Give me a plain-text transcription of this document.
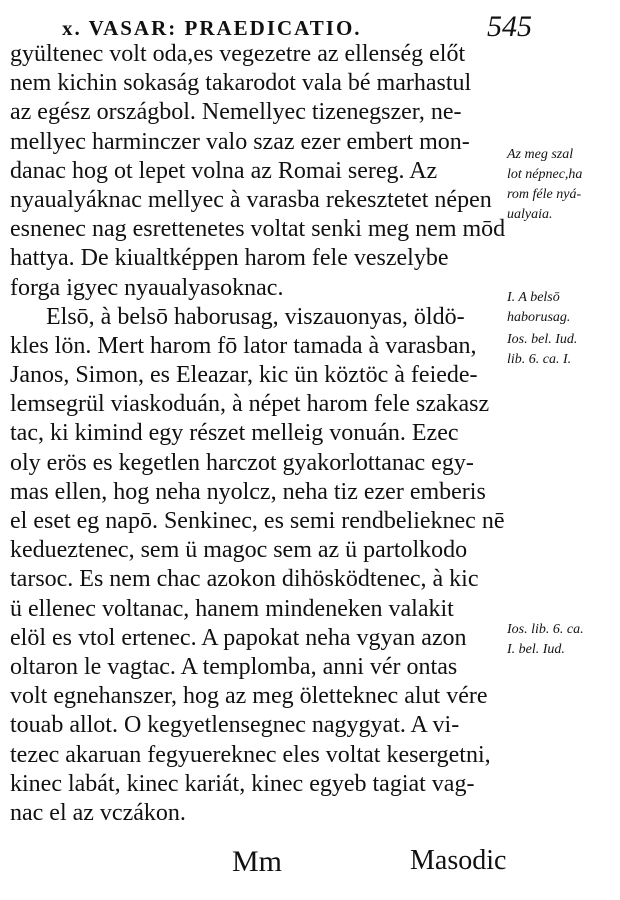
x. VASAR: PRAEDICATIO.	545
gyültenec volt oda,es vegezetre az ellenség előt
nem kichin sokaság takarodot vala bé marhastul
az egész országbol. Nemellyec tizenegszer, ne-
mellyec harminczer valo szaz ezer embert mon-
danac hog ot lepet volna az Romai sereg. Az
nyaualyáknac mellyec à varasba rekesztetet népen
esnenec nag esrettenetes voltat senki meg nem mōd
hattya. De kiualtképpen harom fele veszelybe
forga igyec nyaualyasoknac.
Elsō, à belsō haborusag, viszauonyas, öldö-
kles lön. Mert harom fō lator tamada à varasban,
Janos, Simon, es Eleazar, kic ün köztöc à feiede-
lemsegrül viaskoduán, à népet harom fele szakasz
tac, ki kimind egy részet melleig vonuán. Ezec
oly erös es kegetlen harczot gyakorlottanac egy-
mas ellen, hog neha nyolcz, neha tiz ezer emberis
el eset eg napō. Senkinec, es semi rendbelieknec nē
kedueztenec, sem ü magoc sem az ü partolkodo
tarsoc. Es nem chac azokon dihösködtenec, à kic
ü ellenec voltanac, hanem mindeneken valakit
elöl es vtol ertenec. A papokat neha vgyan azon
oltaron le vagtac. A templomba, anni vér ontas
volt egnehanszer, hog az meg öletteknec alut vére
touab allot. O kegyetlensegnec nagygyat. A vi-
tezec akaruan fegyuereknec eles voltat kesergetni,
kinec labát, kinec kariát, kinec egyeb tagiat vag-
nac el az vczákon.
Az meg szal
lot népnec,ha
rom féle nyá-
ualyaia.
I. A belsō
haborusag.
Ios. bel. Iud.
lib. 6. ca. I.
Ios. lib. 6. ca.
I. bel. Iud.
Mm	Masodic
